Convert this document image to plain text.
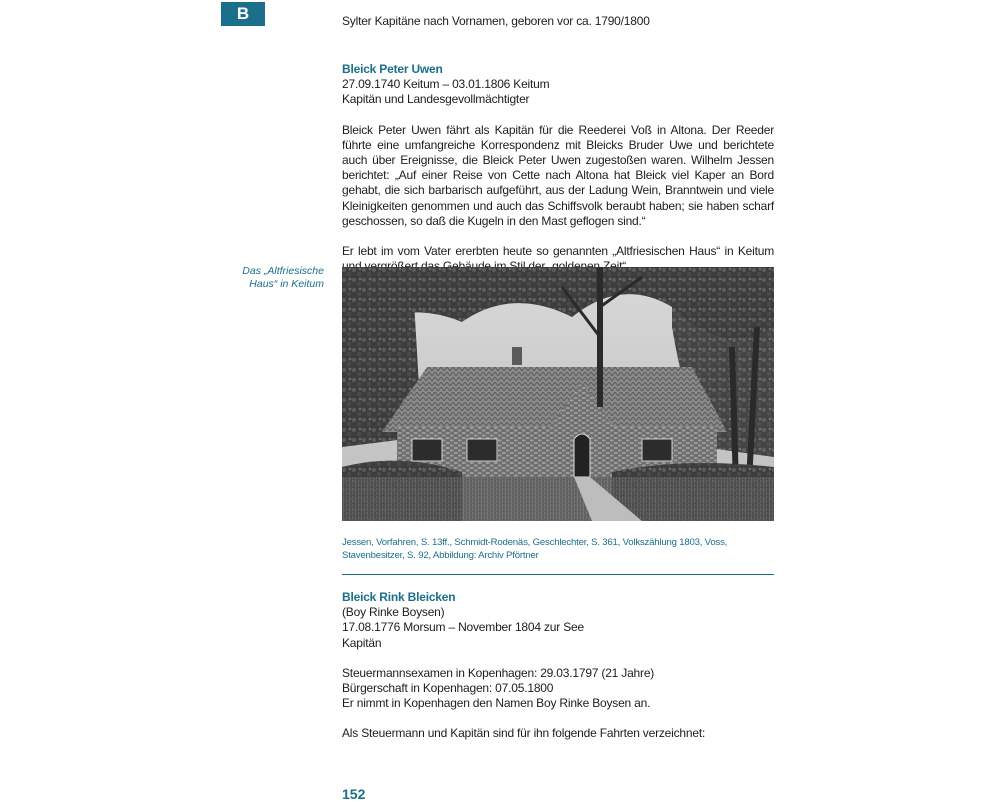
B	Sylter Kapitäne nach Vornamen, geboren vor ca. 1790/1800
Bleick Peter Uwen
27.09.1740 Keitum – 03.01.1806 Keitum
Kapitän und Landesgevollmächtigter

Bleick Peter Uwen fährt als Kapitän für die Reederei Voß in Altona. Der Reeder führte eine umfangreiche Korrespondenz mit Bleicks Bruder Uwe und berichtete auch über Ereignisse, die Bleick Peter Uwen zugestoßen waren. Wilhelm Jessen berichtet: „Auf einer Reise von Cette nach Altona hat Bleick viel Kaper an Bord gehabt, die sich barbarisch aufgeführt, aus der Ladung Wein, Branntwein und viele Kleinigkeiten genommen und auch das Schiffsvolk beraubt haben; sie haben scharf geschossen, so daß die Kugeln in den Mast geflogen sind.“

Er lebt im vom Vater ererbten heute so genannten „Altfriesischen Haus“ in Keitum

Das „Altfriesische Haus“ in Keitum
Jessen, Vorfahren, S. 13ff., Schmidt-Rodenäs, Geschlechter, S. 361, Volkszählung 1803, Voss, Stavenbesitzer, S. 92, Abbildung: Archiv Pförtner
Bleick Rink Bleicken
(Boy Rinke Boysen)
17.08.1776 Morsum – November 1804 zur See
Kapitän
Steuermannsexamen in Kopenhagen: 29.03.1797 (21 Jahre)
Bürgerschaft in Kopenhagen: 07.05.1800
Er nimmt in Kopenhagen den Namen Boy Rinke Boysen an.
Als Steuermann und Kapitän sind für ihn folgende Fahrten verzeichnet:
152
